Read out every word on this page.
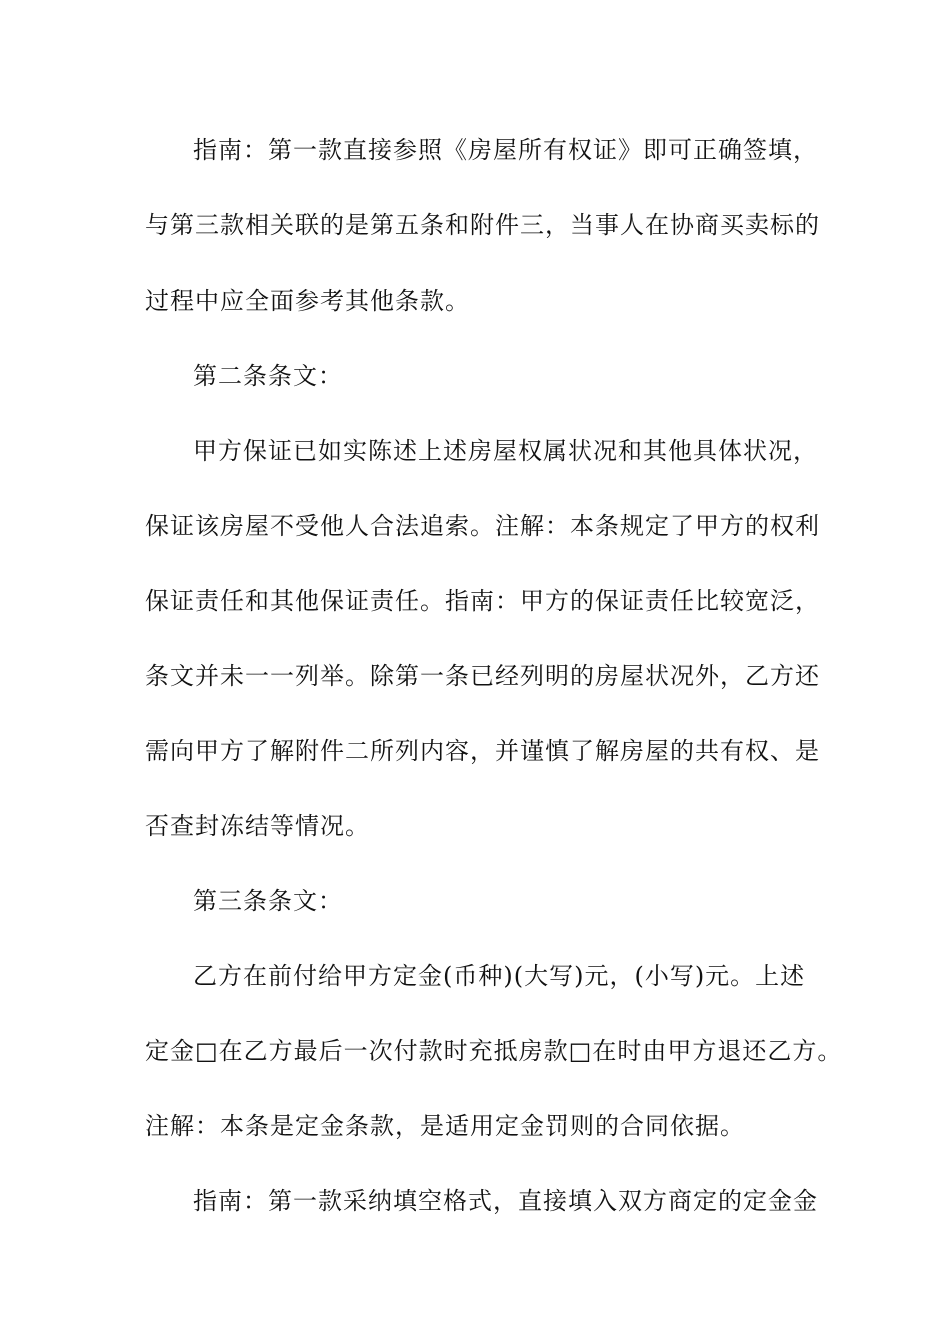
指南：第一款直接参照《房屋所有权证》即可正确签填，
与第三款相关联的是第五条和附件三，当事人在协商买卖标的
过程中应全面参考其他条款。
第二条条文：
甲方保证已如实陈述上述房屋权属状况和其他具体状况，
保证该房屋不受他人合法追索。注解：本条规定了甲方的权利
保证责任和其他保证责任。指南：甲方的保证责任比较宽泛，
条文并未一一列举。除第一条已经列明的房屋状况外，乙方还
需向甲方了解附件二所列内容，并谨慎了解房屋的共有权、是
否查封冻结等情况。
第三条条文：
乙方在前付给甲方定金(币种)(大写)元，(小写)元。上述
定金□在乙方最后一次付款时充抵房款□在时由甲方退还乙方。
注解：本条是定金条款，是适用定金罚则的合同依据。
指南：第一款采纳填空格式，直接填入双方商定的定金金
